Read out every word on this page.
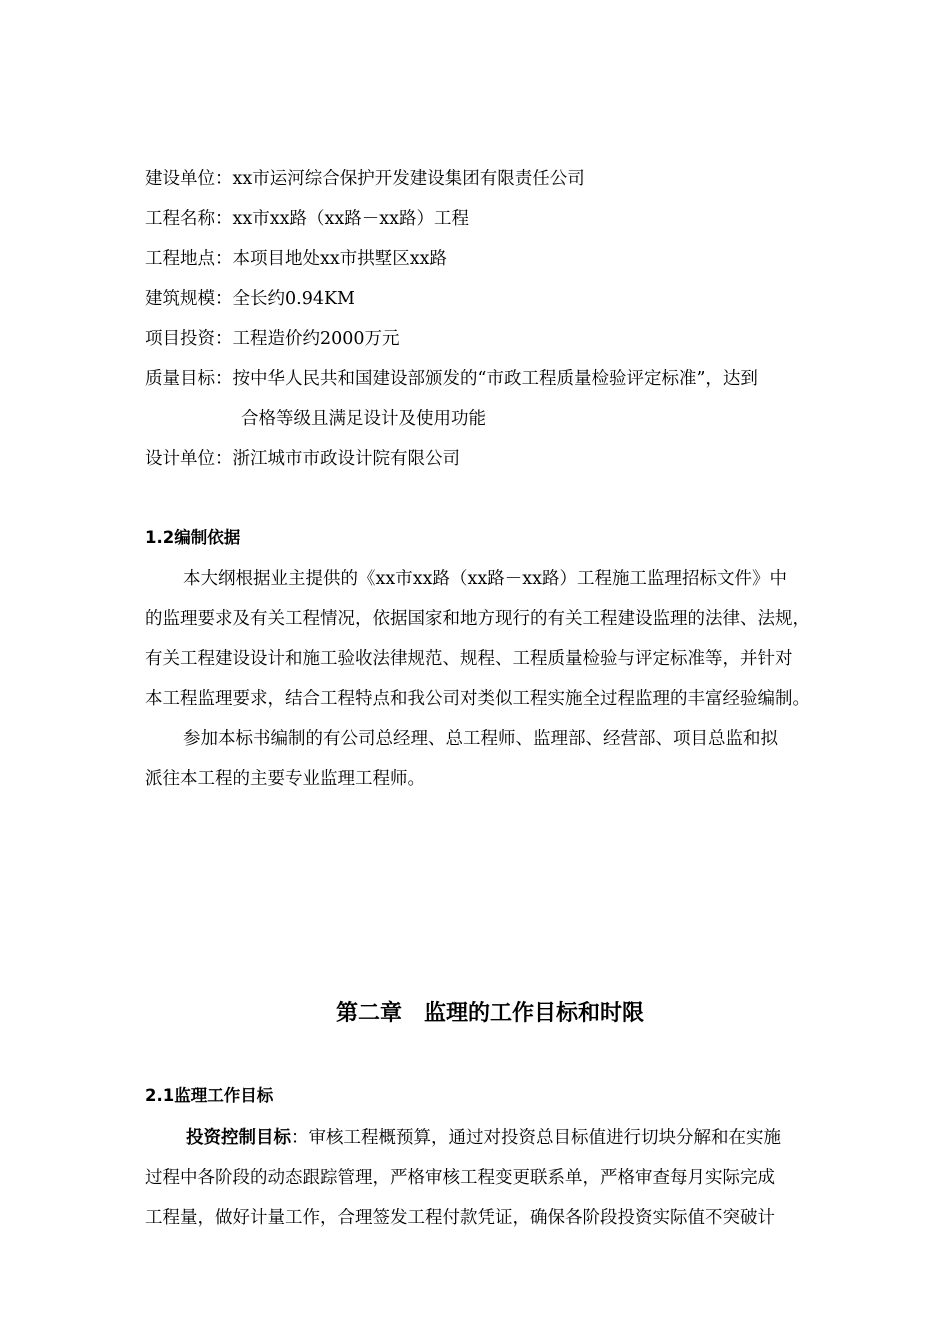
建设单位：xx市运河综合保护开发建设集团有限责任公司
工程名称：xx市xx路（xx路－xx路）工程
工程地点：本项目地处xx市拱墅区xx路
建筑规模：全长约0.94KM
项目投资：工程造价约2000万元
质量目标：按中华人民共和国建设部颁发的“市政工程质量检验评定标准”，达到
合格等级且满足设计及使用功能
设计单位：浙江城市市政设计院有限公司
1.2编制依据
本大纲根据业主提供的《xx市xx路（xx路－xx路）工程施工监理招标文件》中
的监理要求及有关工程情况，依据国家和地方现行的有关工程建设监理的法律、法规，
有关工程建设设计和施工验收法律规范、规程、工程质量检验与评定标准等，并针对
本工程监理要求，结合工程特点和我公司对类似工程实施全过程监理的丰富经验编制。
参加本标书编制的有公司总经理、总工程师、监理部、经营部、项目总监和拟
派往本工程的主要专业监理工程师。
第二章　监理的工作目标和时限
2.1监理工作目标
投资控制目标：审核工程概预算，通过对投资总目标值进行切块分解和在实施
过程中各阶段的动态跟踪管理，严格审核工程变更联系单，严格审查每月实际完成
工程量，做好计量工作，合理签发工程付款凭证，确保各阶段投资实际值不突破计
